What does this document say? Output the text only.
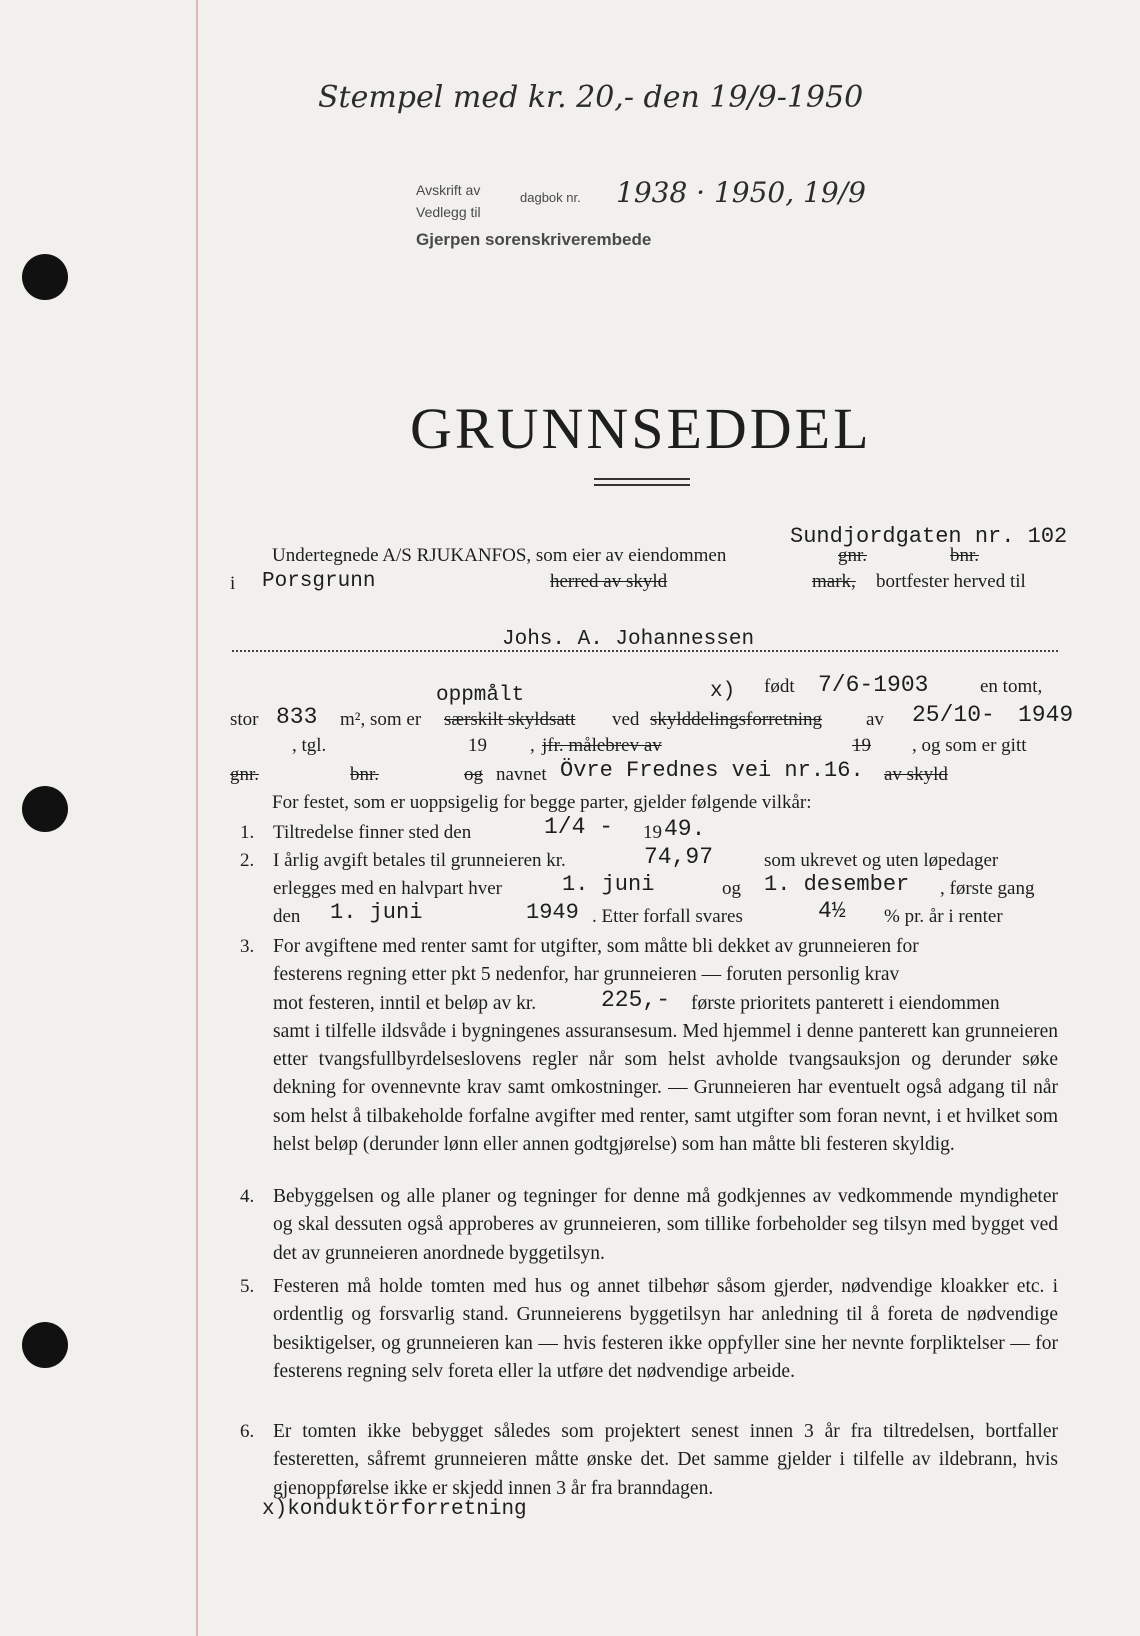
Stempel med kr. 20,- den 19/9-1950
Avskrift av
Vedlegg til
dagbok nr. 1938 · 1950, 19/9
Gjerpen sorenskriverembede
GRUNNSEDDEL
Sundjordgaten nr. 102
Undertegnede A/S RJUKANFOS, som eier av eiendommen	gnr.	bnr.
i Porsgrunn	herred av skyld	mark, bortfester herved til
Johs. A. Johannessen
oppmålt	x) født 7/6-1903	en tomt,
stor 833 m², som er særskilt skyldsatt ved skylddelingsforretning av 25/10- 1949
, tgl.	19 , jfr. målebrev av	19 , og som er gitt
gnr.	bnr.	og navnet Övre Frednes vei nr.16. av skyld
For festet, som er uoppsigelig for begge parter, gjelder følgende vilkår:
1. Tiltredelse finner sted den	1/4 - 19 49.
2. I årlig avgift betales til grunneieren kr.	74,97	som ukrevet og uten løpedager
erlegges med en halvpart hver	1. juni	og 1. desember , første gang
den 1. juni	1949 . Etter forfall svares	4½ % pr. år i renter
3. For avgiftene med renter samt for utgifter, som måtte bli dekket av grunneieren for
festerens regning etter pkt 5 nedenfor, har grunneieren — foruten personlig krav
mot festeren, inntil et beløp av kr.	225,- første prioritets panterett i eiendommen
samt i tilfelle ildsvåde i bygningenes assuransesum. Med hjemmel i denne panterett kan grunneieren etter tvangsfullbyrdelseslovens regler når som helst avholde tvangsauksjon og derunder søke dekning for ovennevnte krav samt omkostninger. — Grunneieren har eventuelt også adgang til når som helst å tilbakeholde forfalne avgifter med renter, samt utgifter som foran nevnt, i et hvilket som helst beløp (derunder lønn eller annen godtgjørelse) som han måtte bli festeren skyldig.
4. Bebyggelsen og alle planer og tegninger for denne må godkjennes av vedkommende myndigheter og skal dessuten også approberes av grunneieren, som tillike forbeholder seg tilsyn med bygget ved det av grunneieren anordnede byggetilsyn.
5. Festeren må holde tomten med hus og annet tilbehør såsom gjerder, nødvendige kloakker etc. i ordentlig og forsvarlig stand. Grunneierens byggetilsyn har anledning til å foreta de nødvendige besiktigelser, og grunneieren kan — hvis festeren ikke oppfyller sine her nevnte forpliktelser — for festerens regning selv foreta eller la utføre det nødvendige arbeide.
6. Er tomten ikke bebygget således som projektert senest innen 3 år fra tiltredelsen, bortfaller festeretten, såfremt grunneieren måtte ønske det. Det samme gjelder i tilfelle av ildebrann, hvis gjenoppførelse ikke er skjedd innen 3 år fra branndagen.
x)konduktörforretning
